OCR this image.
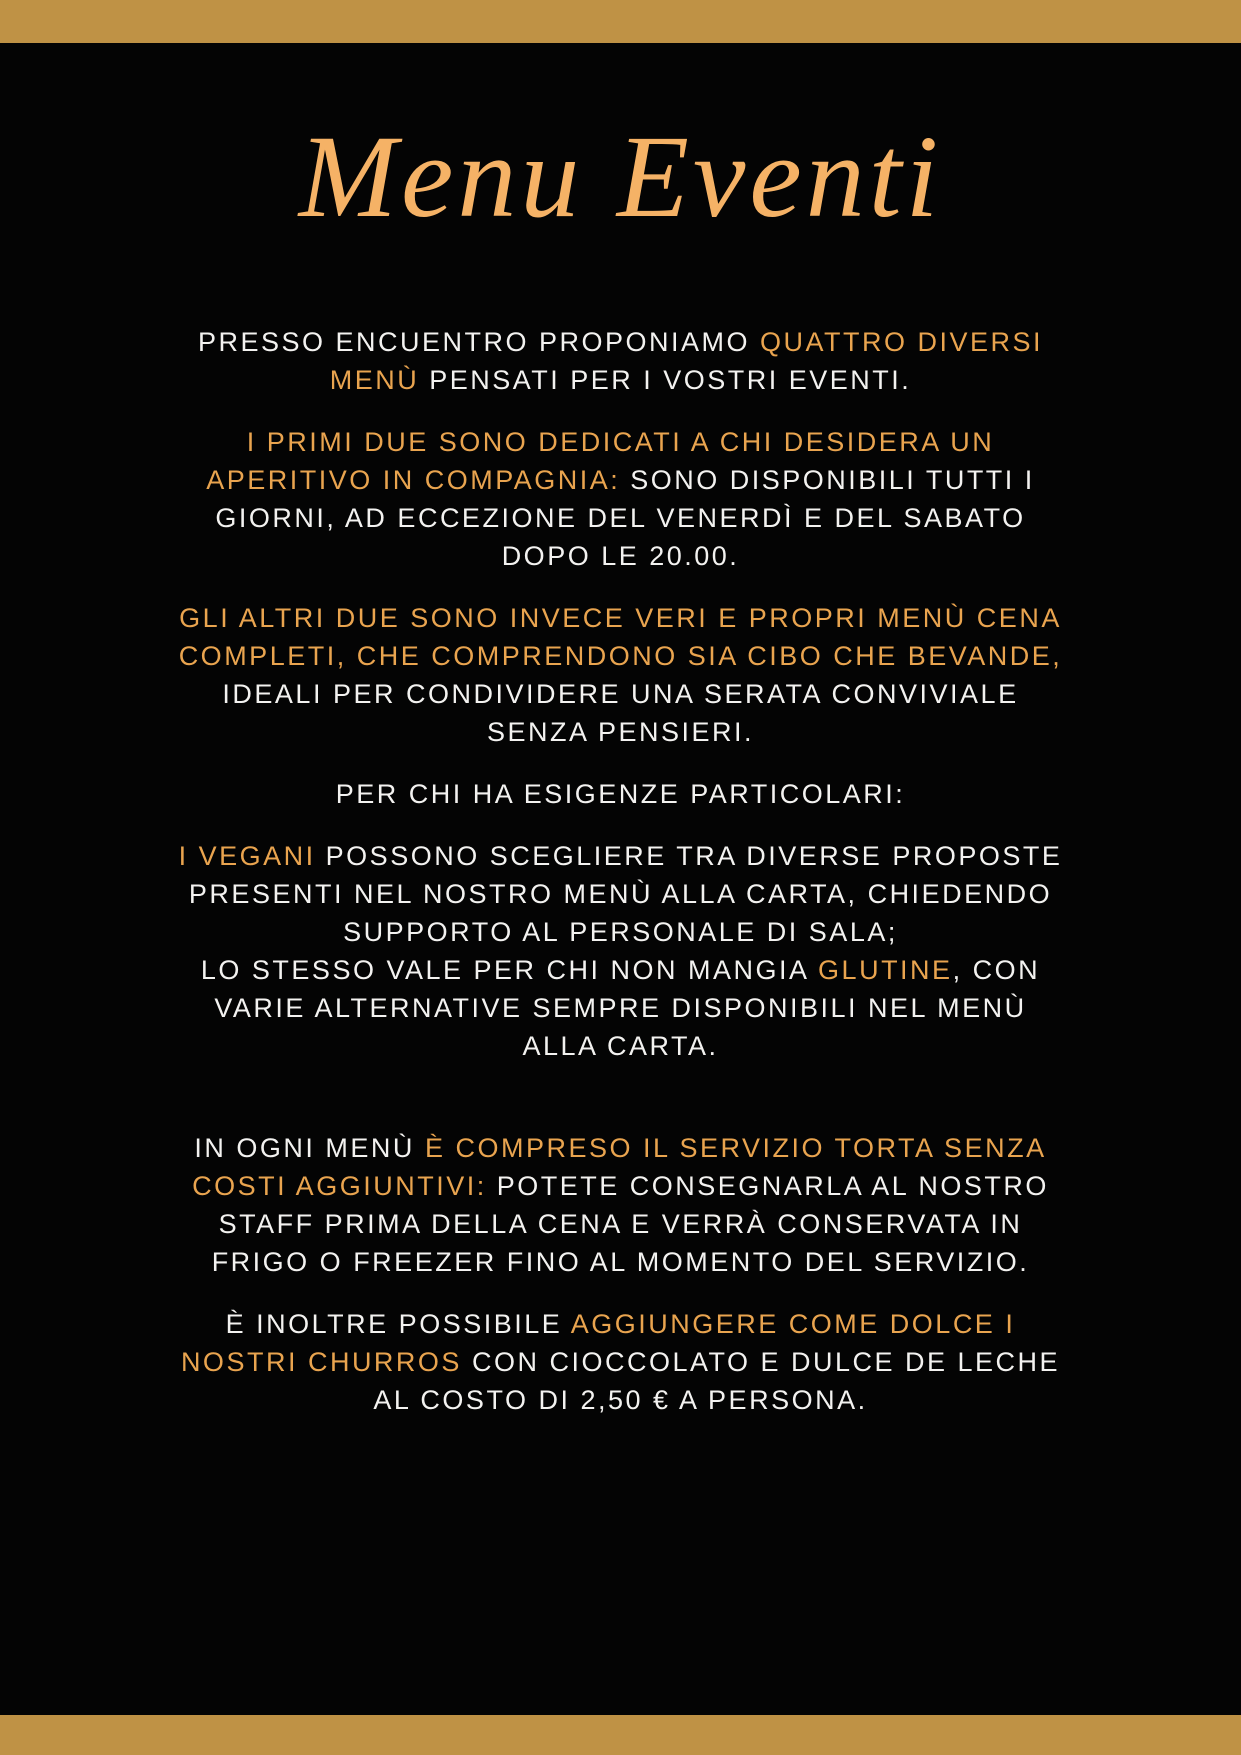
Menu Eventi
PRESSO ENCUENTRO PROPONIAMO QUATTRO DIVERSI
MENÙ PENSATI PER I VOSTRI EVENTI.
I PRIMI DUE SONO DEDICATI A CHI DESIDERA UN
APERITIVO IN COMPAGNIA: SONO DISPONIBILI TUTTI I
GIORNI, AD ECCEZIONE DEL VENERDÌ E DEL SABATO
DOPO LE 20.00.
GLI ALTRI DUE SONO INVECE VERI E PROPRI MENÙ CENA
COMPLETI, CHE COMPRENDONO SIA CIBO CHE BEVANDE,
IDEALI PER CONDIVIDERE UNA SERATA CONVIVIALE
SENZA PENSIERI.
PER CHI HA ESIGENZE PARTICOLARI:
I VEGANI POSSONO SCEGLIERE TRA DIVERSE PROPOSTE
PRESENTI NEL NOSTRO MENÙ ALLA CARTA, CHIEDENDO
SUPPORTO AL PERSONALE DI SALA;
LO STESSO VALE PER CHI NON MANGIA GLUTINE, CON
VARIE ALTERNATIVE SEMPRE DISPONIBILI NEL MENÙ
ALLA CARTA.
IN OGNI MENÙ È COMPRESO IL SERVIZIO TORTA SENZA
COSTI AGGIUNTIVI: POTETE CONSEGNARLA AL NOSTRO
STAFF PRIMA DELLA CENA E VERRÀ CONSERVATA IN
FRIGO O FREEZER FINO AL MOMENTO DEL SERVIZIO.
È INOLTRE POSSIBILE AGGIUNGERE COME DOLCE I
NOSTRI CHURROS CON CIOCCOLATO E DULCE DE LECHE
AL COSTO DI 2,50 € A PERSONA.
